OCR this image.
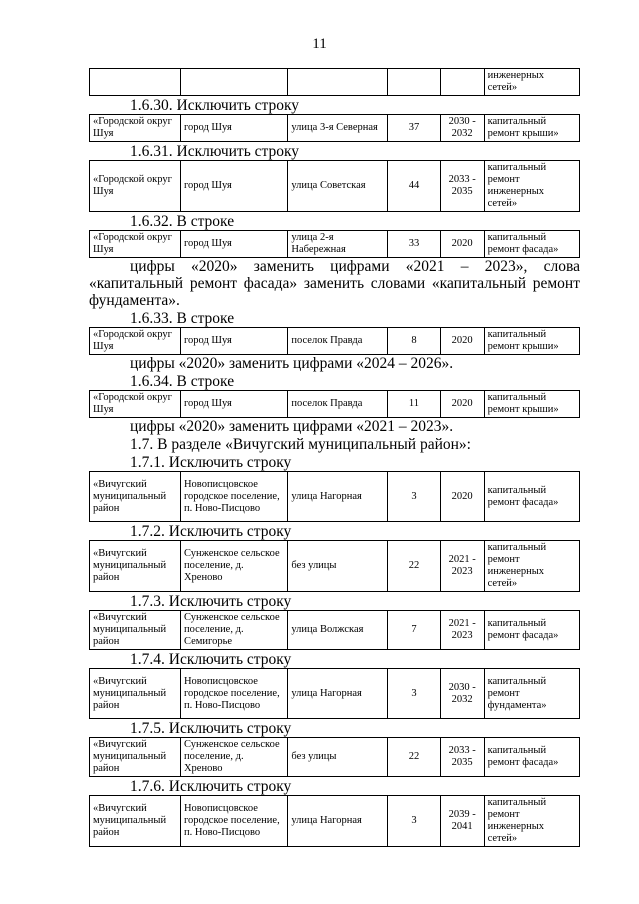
11
					инженерных сетей»
1.6.30. Исключить строку
«Городской округ Шуя	город Шуя	улица 3-я Северная	37	2030 - 2032	капитальный ремонт крыши»
1.6.31. Исключить строку
«Городской округ Шуя	город Шуя	улица Советская	44	2033 - 2035	капитальный ремонт инженерных сетей»
1.6.32. В строке
«Городской округ Шуя	город Шуя	улица 2-я Набережная	33	2020	капитальный ремонт фасада»

цифры «2020» заменить цифрами «2021 – 2023», слова «капитальный ремонт фасада» заменить словами «капитальный ремонт фундамента».

1.6.33. В строке
«Городской округ Шуя	город Шуя	поселок Правда	8	2020	капитальный ремонт крыши»

цифры «2020» заменить цифрами «2024 – 2026».

1.6.34. В строке
«Городской округ Шуя	город Шуя	поселок Правда	11	2020	капитальный ремонт крыши»

цифры «2020» заменить цифрами «2021 – 2023».

1.7. В разделе «Вичугский муниципальный район»:
1.7.1. Исключить строку
«Вичугский муниципальный район	Новописцовское городское поселение, п. Ново-Писцово	улица Нагорная	3	2020	капитальный ремонт фасада»
1.7.2. Исключить строку
«Вичугский муниципальный район	Сунженское сельское поселение, д. Хреново	без улицы	22	2021 - 2023	капитальный ремонт инженерных сетей»
1.7.3. Исключить строку
«Вичугский муниципальный район	Сунженское сельское поселение, д. Семигорье	улица Волжская	7	2021 - 2023	капитальный ремонт фасада»
1.7.4. Исключить строку
«Вичугский муниципальный район	Новописцовское городское поселение, п. Ново-Писцово	улица Нагорная	3	2030 - 2032	капитальный ремонт фундамента»
1.7.5. Исключить строку
«Вичугский муниципальный район	Сунженское сельское поселение, д. Хреново	без улицы	22	2033 - 2035	капитальный ремонт фасада»
1.7.6. Исключить строку
«Вичугский муниципальный район	Новописцовское городское поселение, п. Ново-Писцово	улица Нагорная	3	2039 - 2041	капитальный ремонт инженерных сетей»
